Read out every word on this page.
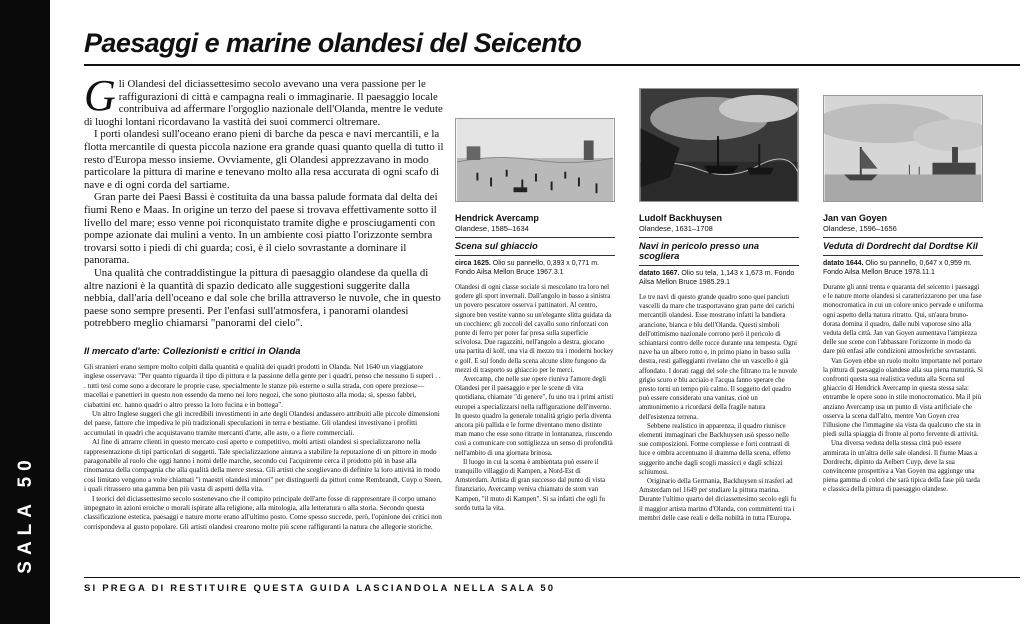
SALA 50
Paesaggi e marine olandesi del Seicento

Gli Olandesi del diciassettesimo secolo avevano una vera passione per le raffigurazioni di città e campagna reali o immaginarie. Il paesaggio locale contribuiva ad affermare l'orgoglio nazionale dell'Olanda, mentre le vedute di luoghi lontani ricordavano la vastità dei suoi commerci oltremare.

I porti olandesi sull'oceano erano pieni di barche da pesca e navi mercantili, e la flotta mercantile di questa piccola nazione era grande quasi quanto quella di tutto il resto d'Europa messo insieme. Ovviamente, gli Olandesi apprezzavano in modo particolare la pittura di marine e tenevano molto alla resa accurata di ogni scafo di nave e di ogni corda del sartiame.

Gran parte dei Paesi Bassi è costituita da una bassa palude formata dal delta dei fiumi Reno e Maas. In origine un terzo del paese si trovava effettivamente sotto il livello del mare; esso venne poi riconquistato tramite dighe e prosciugamenti con pompe azionate dai mulini a vento. In un ambiente così piatto l'orizzonte sembra trovarsi sotto i piedi di chi guarda; così, è il cielo sovrastante a dominare il panorama.

Una qualità che contraddistingue la pittura di paesaggio olandese da quella di altre nazioni è la quantità di spazio dedicato alle suggestioni suggerite dalla nebbia, dall'aria dell'oceano e dal sole che brilla attraverso le nuvole, che in questo paese sono sempre presenti. Per l'enfasi sull'atmosfera, i panorami olandesi potrebbero meglio chiamarsi "panorami del cielo".

Il mercato d'arte: Collezionisti e critici in Olanda

Gli stranieri erano sempre molto colpiti dalla quantità e qualità dei quadri prodotti in Olanda. Nel 1640 un viaggiatore inglese osservava: "Per quanto riguarda il tipo di pittura e la passione della gente per i quadri, penso che nessuno li superi . . . tutti tesi come sono a decorare le proprie case, specialmente le stanze più esterne o sulla strada, con opere preziose—macellai e panettieri in questo non essendo da meno nei loro negozi, che sono piuttosto alla moda; sì, spesso fabbri, ciabattini etc. hanno quadri o altro presso la loro fucina e in bottega".

Un altro Inglese suggerì che gli incredibili investimenti in arte degli Olandesi andassero attribuiti alle piccole dimensioni del paese, fattore che impediva le più tradizionali speculazioni in terra e bestiame. Gli olandesi investivano i profitti accumulati in quadri che acquistavano tramite mercanti d'arte, alle aste, o a fiere commerciali.

Al fine di attrarre clienti in questo mercato così aperto e competitivo, molti artisti olandesi si specializzarono nella rappresentazione di tipi particolari di soggetti. Tale specializzazione aiutava a stabilire la reputazione di un pittore in modo paragonabile al ruolo che oggi hanno i nomi delle marche, secondo cui l'acquirente cerca il prodotto più in base alla rinomanza della compagnia che alla qualità della merce stessa. Gli artisti che sceglievano di definire la loro attività in modo così limitato vengono a volte chiamati "i maestri olandesi minori" per distinguerli da pittori come Rembrandt, Cuyp o Steen, i quali ritrassero una gamma ben più vasta di aspetti della vita.

I teorici del diciassettesimo secolo sostenevano che il compito principale dell'arte fosse di rappresentare il corpo umano impegnato in azioni eroiche o morali ispirate alla religione, alla mitologia, alla letteratura o alla storia. Secondo questa classificazione estetica, paesaggi e nature morte erano all'ultimo posto. Come spesso succede, però, l'opinione dei critici non corrispondeva al gusto popolare. Gli artisti olandesi crearono molte più scene raffiguranti la natura che allegorie storiche.

Hendrick Avercamp

Olandese, 1585–1634

Scena sul ghiaccio

circa 1625. Olio su pannello, 0,393 x 0,771 m. Fondo Ailsa Mellon Bruce 1967.3.1

Olandesi di ogni classe sociale si mescolano tra loro nel godere gli sport invernali. Dall'angolo in basso a sinistra un povero pescatore osserva i pattinatori. Al centro, signore ben vestite vanno su un'elegante slitta guidata da un cocchiere; gli zoccoli del cavallo sono rinforzati con punte di ferro per poter far presa sulla superficie scivolosa. Due ragazzini, nell'angolo a destra, giocano una partita di kolf, una via di mezzo tra i moderni hockey e golf. E sul fondo della scena alcune slitte fungono da mezzi di trasporto su ghiaccio per le merci.

Avercamp, che nelle sue opere riuniva l'amore degli Olandesi per il paesaggio e per le scene di vita quotidiana, chiamate "di genere", fu uno tra i primi artisti europei a specializzarsi nella raffigurazione dell'inverno. In questo quadro la generale tonalità grigio perla diventa ancora più pallida e le forme diventano meno distinte man mano che esse sono ritratte in lontananza, riuscendo così a comunicare con sottigliezza un senso di profondità nell'ambito di una giornata brinosa.

Il luogo in cui la scena è ambientata può essere il tranquillo villaggio di Kampen, a Nord-Est di Amsterdam. Artista di gran successo dal punto di vista finanziario, Avercamp veniva chiamato de stom van Kampen, "il muto di Kampen". Si sa infatti che egli fu sordo tutta la vita.

Ludolf Backhuysen

Olandese, 1631–1708

Navi in pericolo presso una scogliera

datato 1667. Olio su tela, 1,143 x 1,673 m. Fondo Ailsa Mellon Bruce 1985.29.1

Le tre navi di questo grande quadro sono quei panciuti vascelli da mare che trasportavano gran parte dei carichi mercantili olandesi. Esse mostrano infatti la bandiera arancione, bianca e blu dell'Olanda. Questi simboli dell'ottimismo nazionale corrono però il pericolo di schiantarsi contro delle rocce durante una tempesta. Ogni nave ha un albero rotto e, in primo piano in basso sulla destra, resti galleggianti rivelano che un vascello è già affondato. I dorati raggi del sole che filtrano tra le nuvole grigio scuro e blu acciaio e l'acqua fanno sperare che presto torni un tempo più calmo. Il soggetto del quadro può essere considerato una vanitas, cioè un ammonimento a ricordarsi della fragile natura dell'esistenza terrena.

Sebbene realistico in apparenza, il quadro riunisce elementi immaginari che Backhuysen usò spesso nelle sue composizioni. Forme complesse e forti contrasti di luce e ombra accentuano il dramma della scena, effetto suggerito anche dagli scogli massicci e dagli schizzi schiumosi.

Originario della Germania, Backhuysen si trasferì ad Amsterdam nel 1649 per studiare la pittura marina. Durante l'ultimo quarto del diciassettesimo secolo egli fu il maggior artista marino d'Olanda, con committenti tra i membri delle case reali e della nobiltà in tutta l'Europa.

Jan van Goyen

Olandese, 1596–1656

Veduta di Dordrecht dal Dordtse Kil

datato 1644. Olio su pannello, 0,647 x 0,959 m. Fondo Ailsa Mellon Bruce 1978.11.1

Durante gli anni trenta e quaranta del seicento i paesaggi e le nature morte olandesi si caratterizzarono per una fase monocromatica in cui un colore unico pervade e uniforma ogni aspetto della natura ritratto. Qui, un'aura bruno-dorata domina il quadro, dalle nubi vaporose sino alla veduta della città. Jan van Goyen aumentava l'ampiezza delle sue scene con l'abbassare l'orizzonte in modo da dare più enfasi alle condizioni atmosferiche sovrastanti.

Van Goyen ebbe un ruolo molto importante nel portare la pittura di paesaggio olandese alla sua piena maturità. Si confronti questa sua realistica veduta alla Scena sul ghiaccio di Hendrick Avercamp in questa stessa sala: entrambe le opere sono in stile monocromatico. Ma il più anziano Avercamp usa un punto di vista artificiale che osserva la scena dall'alto, mentre Van Goyen crea l'illusione che l'immagine sia vista da qualcuno che sta in piedi sulla spiaggia di fronte al porto fervente di attività.

Una diversa veduta della stessa città può essere ammirata in un'altra delle sale olandesi. Il fiume Maas a Dordrecht, dipinto da Aelbert Cuyp, deve la sua convincente prospettiva a Van Goyen ma aggiunge una piena gamma di colori che sarà tipica della fase più tarda e classica della pittura di paesaggio olandese.

SI PREGA DI RESTITUIRE QUESTA GUIDA LASCIANDOLA NELLA SALA 50
